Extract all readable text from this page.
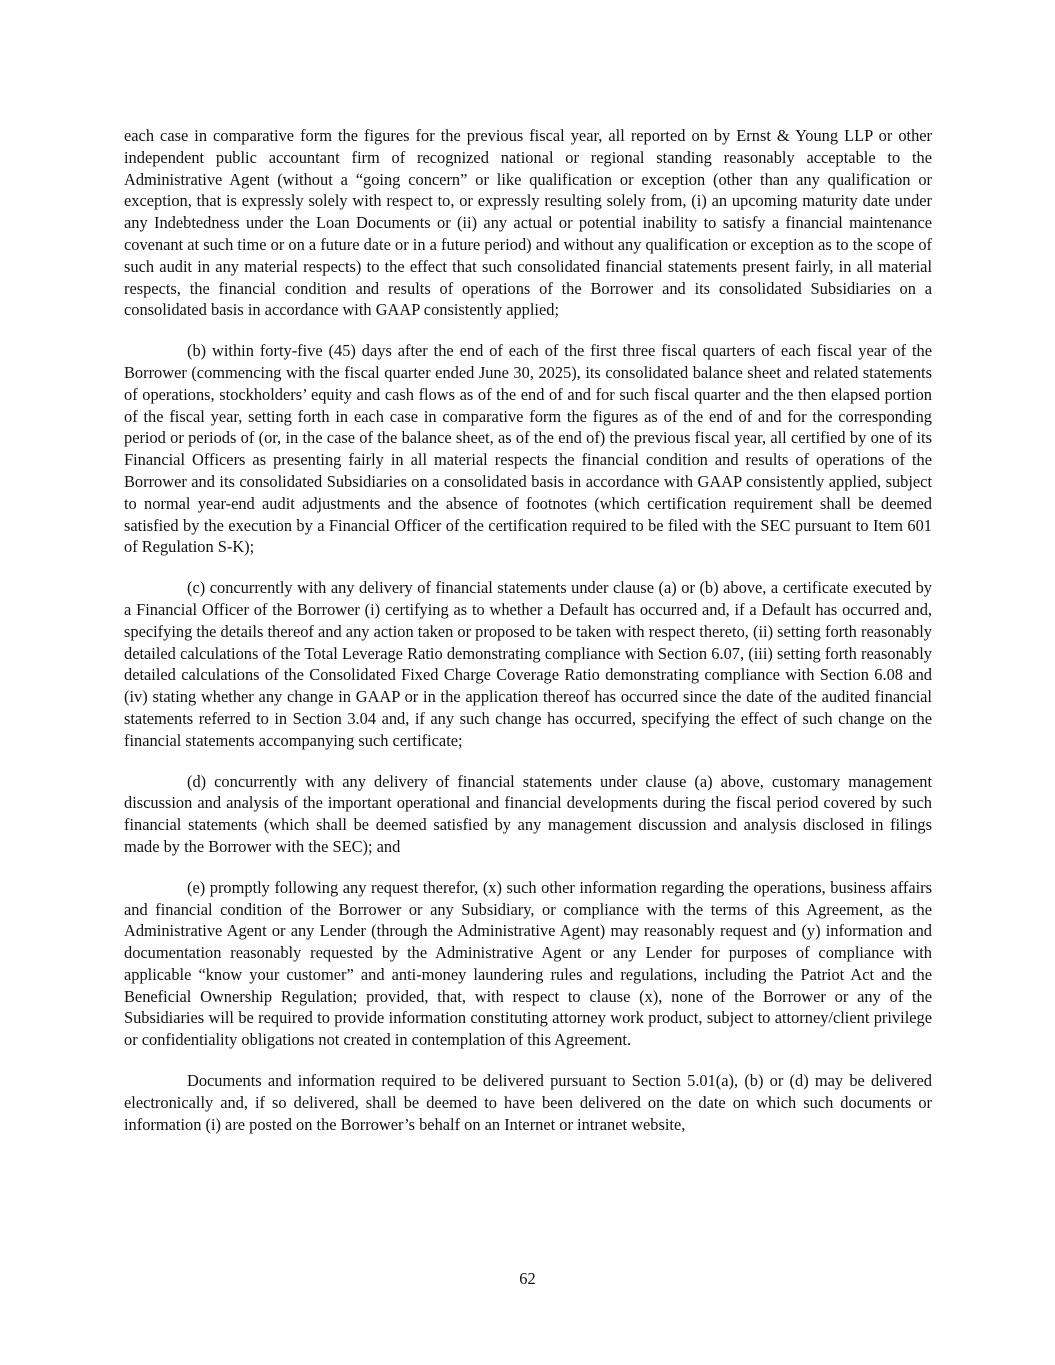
each case in comparative form the figures for the previous fiscal year, all reported on by Ernst & Young LLP or other independent public accountant firm of recognized national or regional standing reasonably acceptable to the Administrative Agent (without a “going concern” or like qualification or exception (other than any qualification or exception, that is expressly solely with respect to, or expressly resulting solely from, (i) an upcoming maturity date under any Indebtedness under the Loan Documents or (ii) any actual or potential inability to satisfy a financial maintenance covenant at such time or on a future date or in a future period) and without any qualification or exception as to the scope of such audit in any material respects) to the effect that such consolidated financial statements present fairly, in all material respects, the financial condition and results of operations of the Borrower and its consolidated Subsidiaries on a consolidated basis in accordance with GAAP consistently applied;

(b) within forty-five (45) days after the end of each of the first three fiscal quarters of each fiscal year of the Borrower (commencing with the fiscal quarter ended June 30, 2025), its consolidated balance sheet and related statements of operations, stockholders’ equity and cash flows as of the end of and for such fiscal quarter and the then elapsed portion of the fiscal year, setting forth in each case in comparative form the figures as of the end of and for the corresponding period or periods of (or, in the case of the balance sheet, as of the end of) the previous fiscal year, all certified by one of its Financial Officers as presenting fairly in all material respects the financial condition and results of operations of the Borrower and its consolidated Subsidiaries on a consolidated basis in accordance with GAAP consistently applied, subject to normal year-end audit adjustments and the absence of footnotes (which certification requirement shall be deemed satisfied by the execution by a Financial Officer of the certification required to be filed with the SEC pursuant to Item 601 of Regulation S-K);

(c) concurrently with any delivery of financial statements under clause (a) or (b) above, a certificate executed by a Financial Officer of the Borrower (i) certifying as to whether a Default has occurred and, if a Default has occurred and, specifying the details thereof and any action taken or proposed to be taken with respect thereto, (ii) setting forth reasonably detailed calculations of the Total Leverage Ratio demonstrating compliance with Section 6.07, (iii) setting forth reasonably detailed calculations of the Consolidated Fixed Charge Coverage Ratio demonstrating compliance with Section 6.08 and (iv) stating whether any change in GAAP or in the application thereof has occurred since the date of the audited financial statements referred to in Section 3.04 and, if any such change has occurred, specifying the effect of such change on the financial statements accompanying such certificate;

(d) concurrently with any delivery of financial statements under clause (a) above, customary management discussion and analysis of the important operational and financial developments during the fiscal period covered by such financial statements (which shall be deemed satisfied by any management discussion and analysis disclosed in filings made by the Borrower with the SEC); and

(e) promptly following any request therefor, (x) such other information regarding the operations, business affairs and financial condition of the Borrower or any Subsidiary, or compliance with the terms of this Agreement, as the Administrative Agent or any Lender (through the Administrative Agent) may reasonably request and (y) information and documentation reasonably requested by the Administrative Agent or any Lender for purposes of compliance with applicable “know your customer” and anti-money laundering rules and regulations, including the Patriot Act and the Beneficial Ownership Regulation; provided, that, with respect to clause (x), none of the Borrower or any of the Subsidiaries will be required to provide information constituting attorney work product, subject to attorney/client privilege or confidentiality obligations not created in contemplation of this Agreement.

Documents and information required to be delivered pursuant to Section 5.01(a), (b) or (d) may be delivered electronically and, if so delivered, shall be deemed to have been delivered on the date on which such documents or information (i) are posted on the Borrower’s behalf on an Internet or intranet website,

62
